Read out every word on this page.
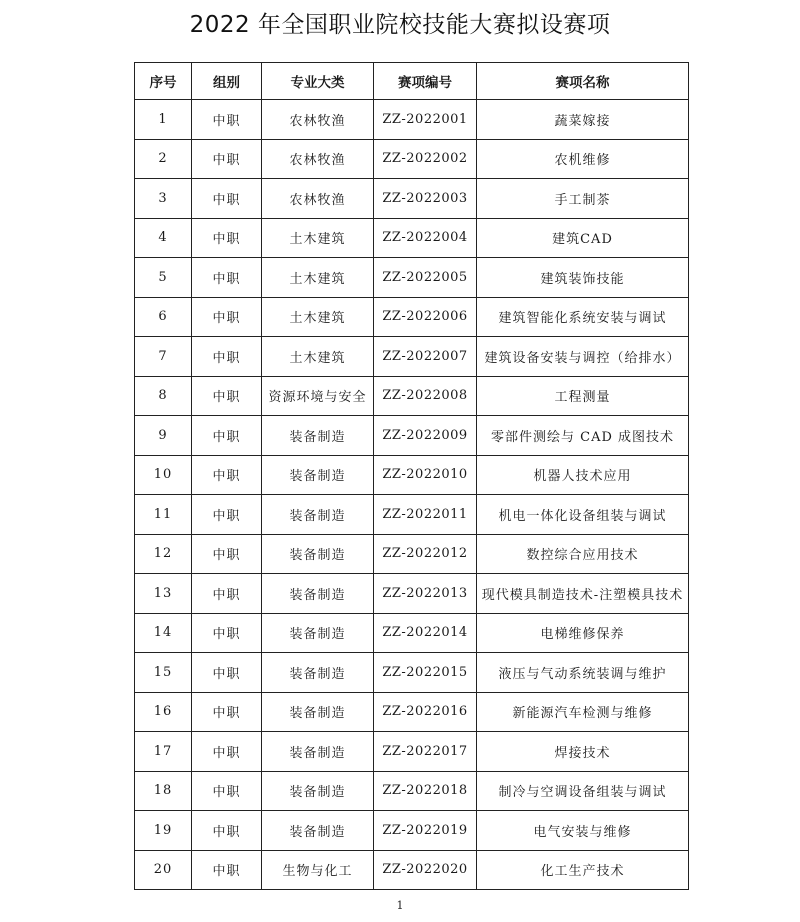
2022 年全国职业院校技能大赛拟设赛项
序号	组别	专业大类	赛项编号	赛项名称
1	中职	农林牧渔	ZZ-2022001	蔬菜嫁接
2	中职	农林牧渔	ZZ-2022002	农机维修
3	中职	农林牧渔	ZZ-2022003	手工制茶
4	中职	土木建筑	ZZ-2022004	建筑CAD
5	中职	土木建筑	ZZ-2022005	建筑装饰技能
6	中职	土木建筑	ZZ-2022006	建筑智能化系统安装与调试
7	中职	土木建筑	ZZ-2022007	建筑设备安装与调控（给排水）
8	中职	资源环境与安全	ZZ-2022008	工程测量
9	中职	装备制造	ZZ-2022009	零部件测绘与 CAD 成图技术
10	中职	装备制造	ZZ-2022010	机器人技术应用
11	中职	装备制造	ZZ-2022011	机电一体化设备组装与调试
12	中职	装备制造	ZZ-2022012	数控综合应用技术
13	中职	装备制造	ZZ-2022013	现代模具制造技术-注塑模具技术
14	中职	装备制造	ZZ-2022014	电梯维修保养
15	中职	装备制造	ZZ-2022015	液压与气动系统装调与维护
16	中职	装备制造	ZZ-2022016	新能源汽车检测与维修
17	中职	装备制造	ZZ-2022017	焊接技术
18	中职	装备制造	ZZ-2022018	制冷与空调设备组装与调试
19	中职	装备制造	ZZ-2022019	电气安装与维修
20	中职	生物与化工	ZZ-2022020	化工生产技术
1
